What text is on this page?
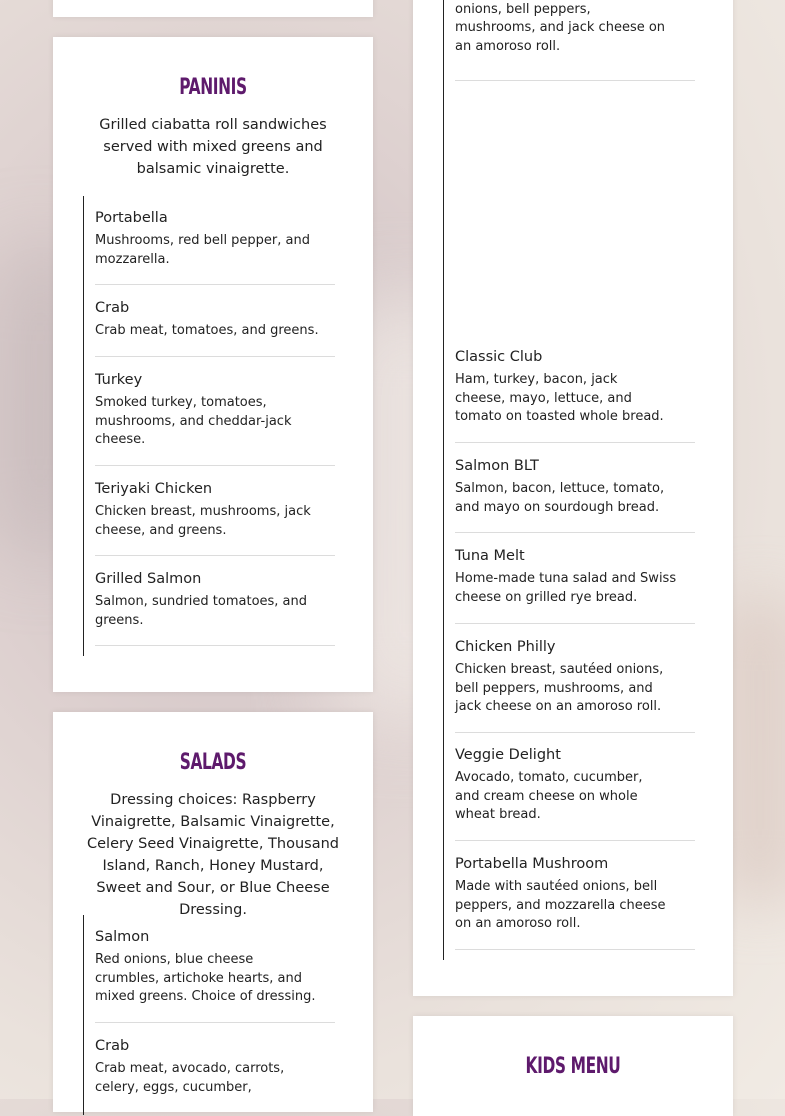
PANINIS
Grilled ciabatta roll sandwiches served with mixed greens and balsamic vinaigrette.
Portabella
Mushrooms, red bell pepper, and mozzarella.
Crab
Crab meat, tomatoes, and greens.
Turkey
Smoked turkey, tomatoes, mushrooms, and cheddar-jack cheese.
Teriyaki Chicken
Chicken breast, mushrooms, jack cheese, and greens.
Grilled Salmon
Salmon, sundried tomatoes, and greens.
SALADS
Dressing choices: Raspberry Vinaigrette, Balsamic Vinaigrette, Celery Seed Vinaigrette, Thousand Island, Ranch, Honey Mustard, Sweet and Sour, or Blue Cheese Dressing.
Salmon
Red onions, blue cheese crumbles, artichoke hearts, and mixed greens. Choice of dressing.
Crab
Crab meat, avocado, carrots, celery, eggs, cucumber,
onions, bell peppers, mushrooms, and jack cheese on an amoroso roll.
Classic Club
Ham, turkey, bacon, jack cheese, mayo, lettuce, and tomato on toasted whole bread.
Salmon BLT
Salmon, bacon, lettuce, tomato, and mayo on sourdough bread.
Tuna Melt
Home-made tuna salad and Swiss cheese on grilled rye bread.
Chicken Philly
Chicken breast, sautéed onions, bell peppers, mushrooms, and jack cheese on an amoroso roll.
Veggie Delight
Avocado, tomato, cucumber, and cream cheese on whole wheat bread.
Portabella Mushroom
Made with sautéed onions, bell peppers, and mozzarella cheese on an amoroso roll.
KIDS MENU
